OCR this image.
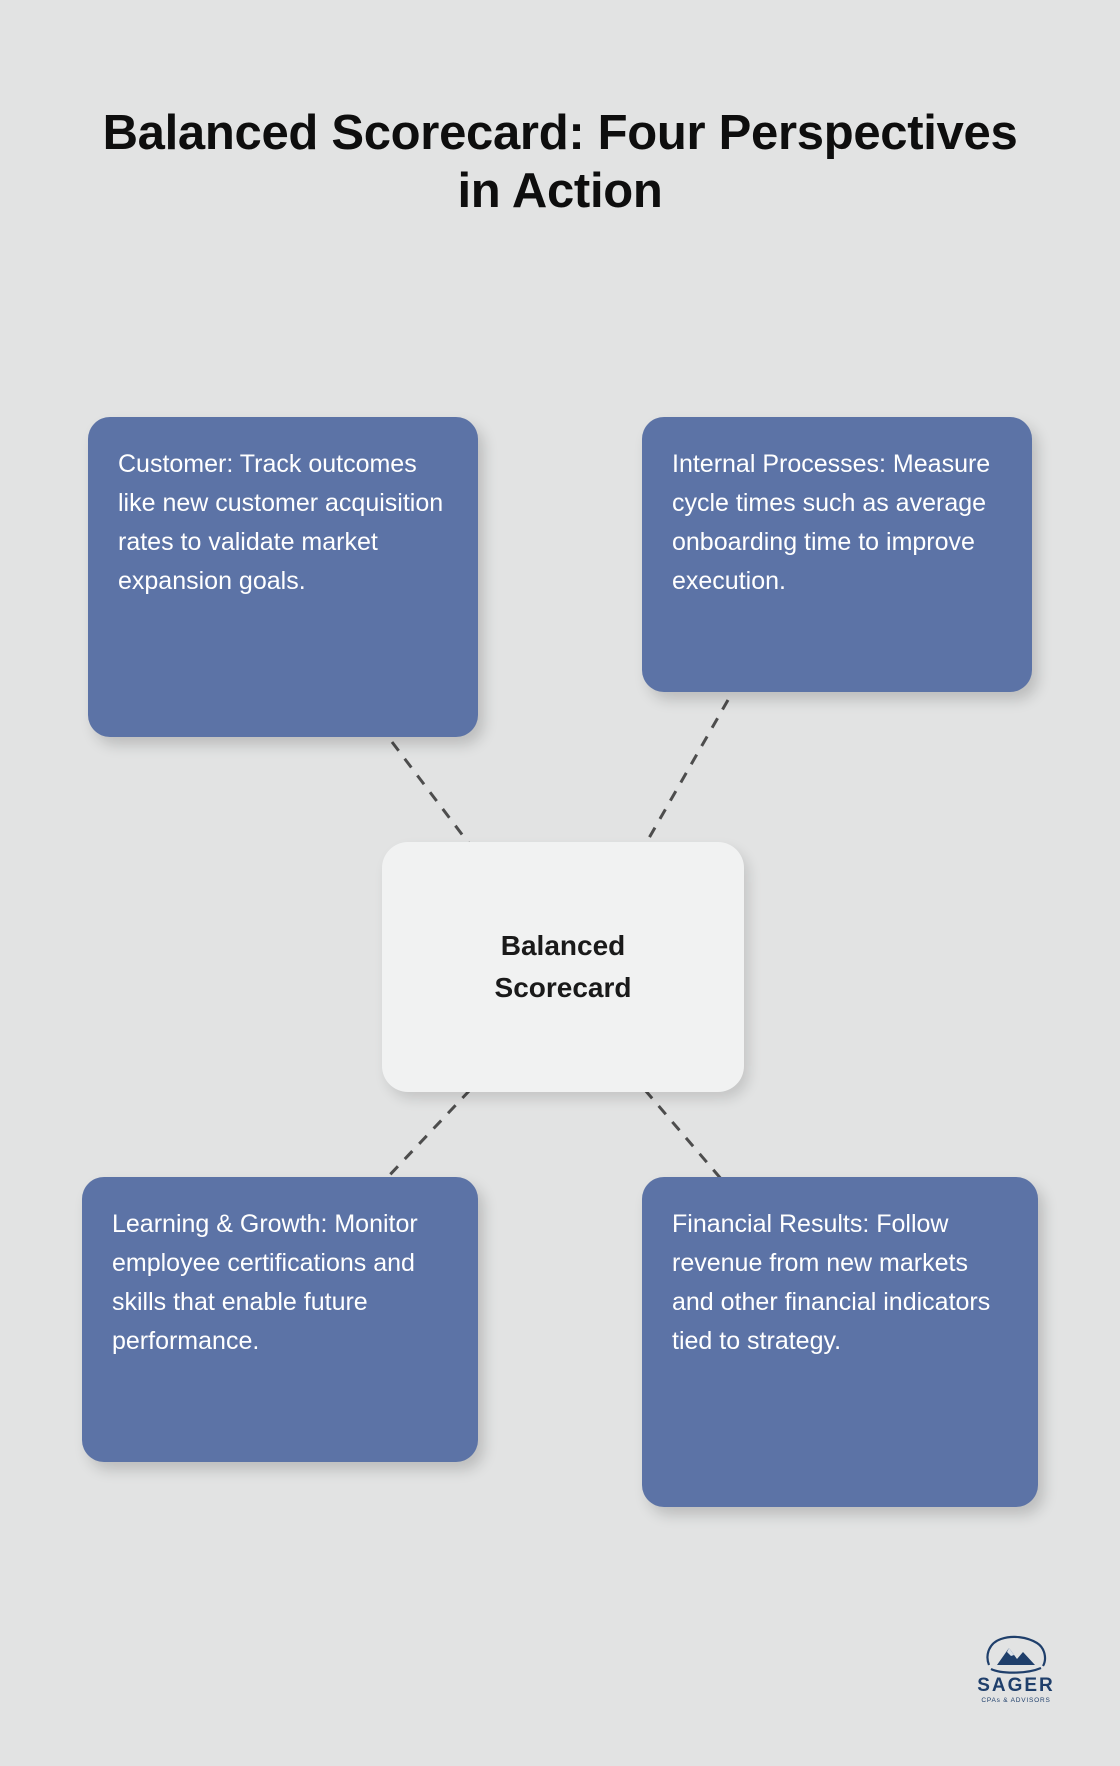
Balanced Scorecard: Four Perspectives in Action
Customer: Track outcomes like new customer acquisition rates to validate market expansion goals.
Internal Processes: Measure cycle times such as average onboarding time to improve execution.
Learning & Growth: Monitor employee certifications and skills that enable future performance.
Financial Results: Follow revenue from new markets and other financial indicators tied to strategy.
Balanced Scorecard
SAGER
CPAs & ADVISORS
